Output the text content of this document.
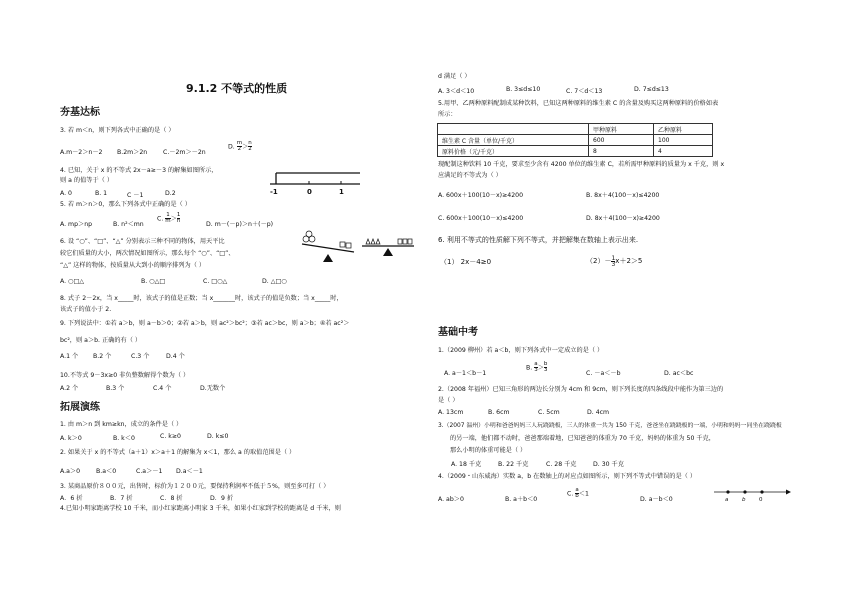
9.1.2 不等式的性质
夯基达标
3. 若 m＜n，则下列各式中正确的是（ ）
A.m－2＞n－2 B.2m＞2n	C.－2m＞－2n
D. $\frac{m}{2} > \frac{n}{2}$
4. 已知，关于 x 的不等式 2x－a≥－3 的解集如图所示，
则 a 的值等于（ ）
A. 0	B. 1	C －1	D.2	-1	0	1
5. 若 m＞n＞0，那么下列各式中正确的是（ ）
A. mp＞np	B. n²＜mn
C. $\frac{1}{m} > \frac{1}{n}$
D. m－(－p)＞n＋(－p)
6. 设 “○”、“□”、“△” 分别表示三种不同的物体，用天平比
较它们质量的大小，两次情况如图所示，那么每个 “○”、“□”、
“△” 这样的物体，按质量从大到小的顺序排列为（ ）
A. ○□△	B. ○△□	C. □○△	D. △□○
8. 式子 2－2x，当 x_____时，该式子的值是正数；当 x_______时，该式子的值是负数；当 x_____时，
该式子的值小于 2.
9. 下列说法中：①若 a＞b，则 a－b＞0；②若 a＞b，则 ac²＞bc²；③若 ac＞bc，则 a＞b；④若 ac²＞
bc²，则 a＞b. 正确的有（ ）
A.1 个 B.2 个	C.3 个	D.4 个
10.不等式 9－3x≥0 非负整数解得个数为（ ）
A.2 个	B.3 个	C.4 个	D.无数个
拓展演练
1. 由 m＞n 到 km≥kn，成立的条件是（ ）
A. k＞0	B. k＜0	C. k≥0	D. k≤0
2. 如果关于 x 的不等式（a＋1）x＞a＋1 的解集为 x＜1，那么 a 的取值范围是（ ）
A.a＞0	B.a＜0	C.a＞－1 D.a＜－1
3. 某商品原价８００元，出售时，标价为１２００元，要保持利润率不低于５%，则至多可打（ ）
A．6 折	B．7 折	C．8 折	D．9 折
4.已知小明家距离学校 10 千米，而小红家距离小明家 3 千米，如果小红家到学校的距离是 d 千米，则
d 满足（ ）
A. 3＜d＜10	B. 3≤d≤10	C. 7＜d＜13	D. 7≤d≤13
5.用甲、乙两种原料配制成某种饮料，已知这两种原料的维生素 C 的含量及购买这两种原料的价格如表
所示：
	甲种原料	乙种原料
维生素 C 含量（单位/千克）	600	100
原料价格（元/千克）	8	4
现配制这种饮料 10 千克，要求至少含有 4200 单位的维生素 C，若所需甲种原料的质量为 x 千克，则 x
应满足的不等式为（ ）
A. 600x＋100(10－x)≥4200	B. 8x＋4(100－x)≤4200
C. 600x＋100(10－x)≤4200	D. 8x＋4(100－x)≥4200
6. 利用不等式的性质解下列不等式，并把解集在数轴上表示出来.
（1） 2x－4≥0	$(2)- \frac{1}{3} x+2>5$
基础中考
1.（2009 柳州）若 a＜b，则下列各式中一定成立的是（ ）
A. a－1＜b－1
B. $\frac{a}{3} > \frac{b}{3}$
C. －a＜－b	D. ac＜bc
2.（2008 年福州）已知三角形的两边长分别为 4cm 和 9cm，则下列长度的四条线段中能作为第三边的
是（ ）
A. 13cm	B. 6cm	C. 5cm	D. 4cm
3.（2007 温州）小明和爸爸妈妈三人玩跷跷板，三人的体重一共为 150 千克，爸爸坐在跷跷板的一端，小明和妈妈一同坐在跷跷板
的另一端，他们都不动时，爸爸那端着地，已知爸爸的体重为 70 千克，妈妈的体重为 50 千克，
那么小明的体重可能是（ ）
A. 18 千克	B. 22 千克	C. 28 千克	D. 30 千克
4.（2009・山东威海）实数 a，b 在数轴上的对应点如图所示，则下列不等式中错误的是（ ）
A. ab＞0	B. a＋b＜0
C. $\frac{a}{b} <1$
D. a－b＜0	a b 0
